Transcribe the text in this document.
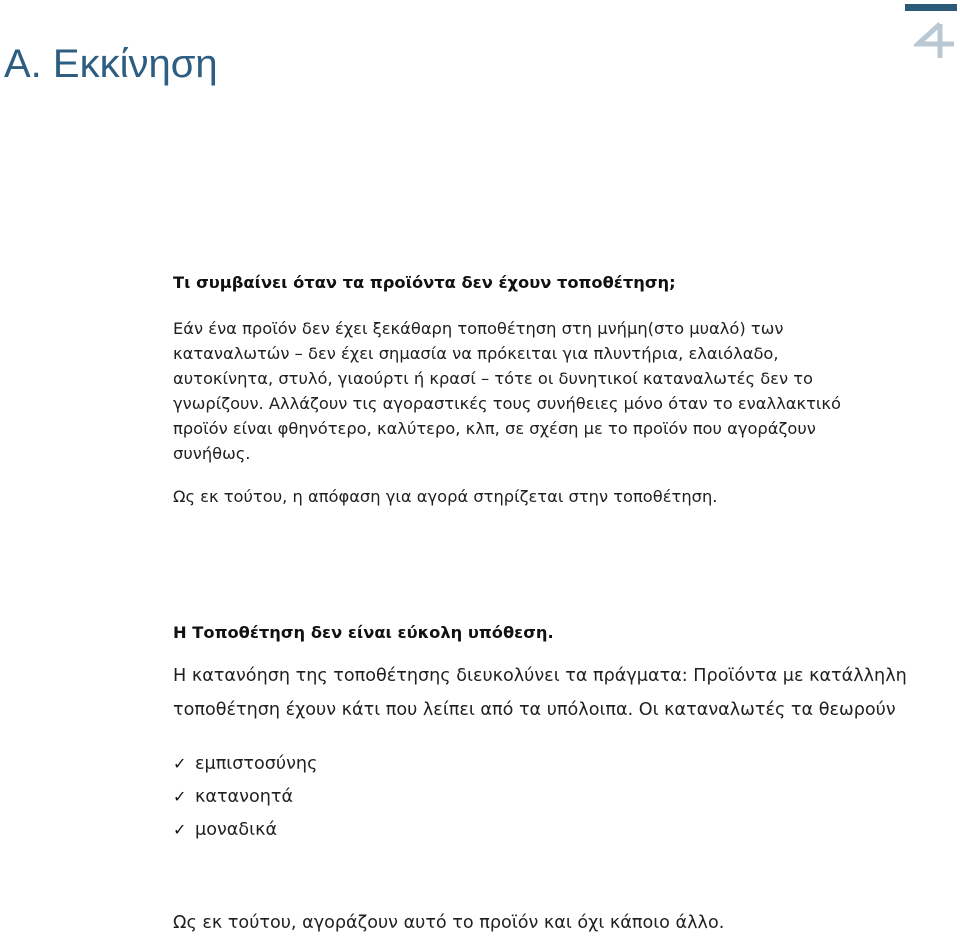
A. Εκκίνηση

Τι συμβαίνει όταν τα προϊόντα δεν έχουν τοποθέτηση;

Εάν ένα προϊόν δεν έχει ξεκάθαρη τοποθέτηση στη μνήμη(στο μυαλό) των

καταναλωτών – δεν έχει σημασία να πρόκειται για πλυντήρια, ελαιόλαδο,

αυτοκίνητα, στυλό, γιαούρτι ή κρασί – τότε οι δυνητικοί καταναλωτές δεν το

γνωρίζουν. Αλλάζουν τις αγοραστικές τους συνήθειες μόνο όταν το εναλλακτικό

προϊόν είναι φθηνότερο, καλύτερο, κλπ, σε σχέση με το προϊόν που αγοράζουν

συνήθως.

Ως εκ τούτου, η απόφαση για αγορά στηρίζεται στην τοποθέτηση.

Η Τοποθέτηση δεν είναι εύκολη υπόθεση.

Η κατανόηση της τοποθέτησης διευκολύνει τα πράγματα: Προϊόντα με κατάλληλη

τοποθέτηση έχουν κάτι που λείπει από τα υπόλοιπα. Οι καταναλωτές τα θεωρούν

✓ εμπιστοσύνης
✓ κατανοητά
✓ μοναδικά

Ως εκ τούτου, αγοράζουν αυτό το προϊόν και όχι κάποιο άλλο.
